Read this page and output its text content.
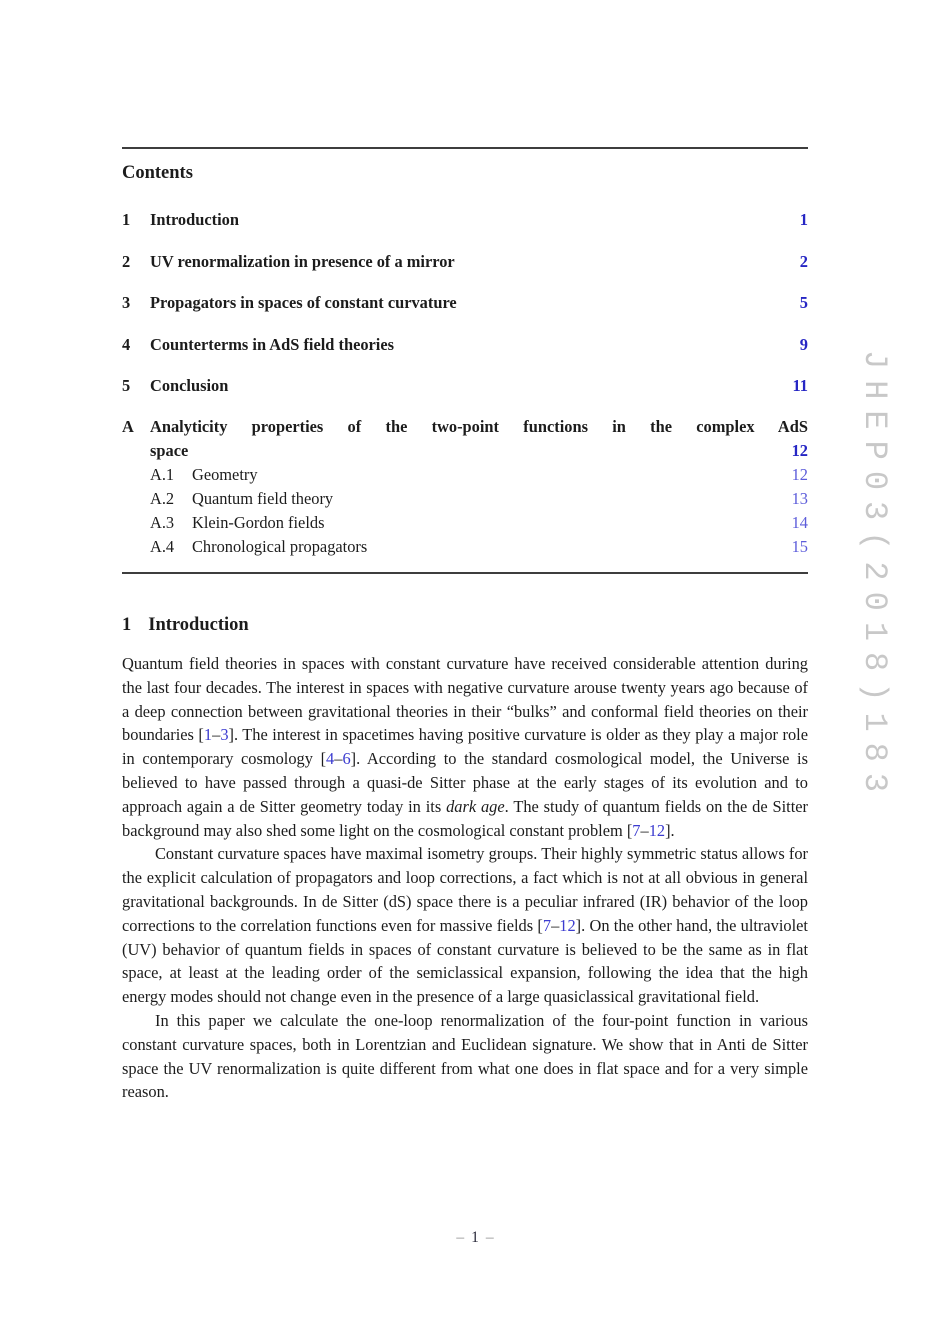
Contents
1	Introduction	1
2	UV renormalization in presence of a mirror	2
3	Propagators in spaces of constant curvature	5
4	Counterterms in AdS field theories	9
5	Conclusion	11
A Analyticity properties of the two-point functions in the complex AdS
space	12
A.1	Geometry	12
A.2	Quantum field theory	13
A.3	Klein-Gordon fields	14
A.4	Chronological propagators	15
1 Introduction

Quantum field theories in spaces with constant curvature have received considerable attention during the last four decades. The interest in spaces with negative curvature arouse twenty years ago because of a deep connection between gravitational theories in their “bulks” and conformal field theories on their boundaries [1–3]. The interest in spacetimes having positive curvature is older as they play a major role in contemporary cosmology [4–6]. According to the standard cosmological model, the Universe is believed to have passed through a quasi-de Sitter phase at the early stages of its evolution and to approach again a de Sitter geometry today in its dark age. The study of quantum fields on the de Sitter background may also shed some light on the cosmological constant problem [7–12].

Constant curvature spaces have maximal isometry groups. Their highly symmetric status allows for the explicit calculation of propagators and loop corrections, a fact which is not at all obvious in general gravitational backgrounds. In de Sitter (dS) space there is a peculiar infrared (IR) behavior of the loop corrections to the correlation functions even for massive fields [7–12]. On the other hand, the ultraviolet (UV) behavior of quantum fields in spaces of constant curvature is believed to be the same as in flat space, at least at the leading order of the semiclassical expansion, following the idea that the high energy modes should not change even in the presence of a large quasiclassical gravitational field.

In this paper we calculate the one-loop renormalization of the four-point function in various constant curvature spaces, both in Lorentzian and Euclidean signature. We show that in Anti de Sitter space the UV renormalization is quite different from what one does in flat space and for a very simple reason.

– 1 –
JHEP03(2018)183
